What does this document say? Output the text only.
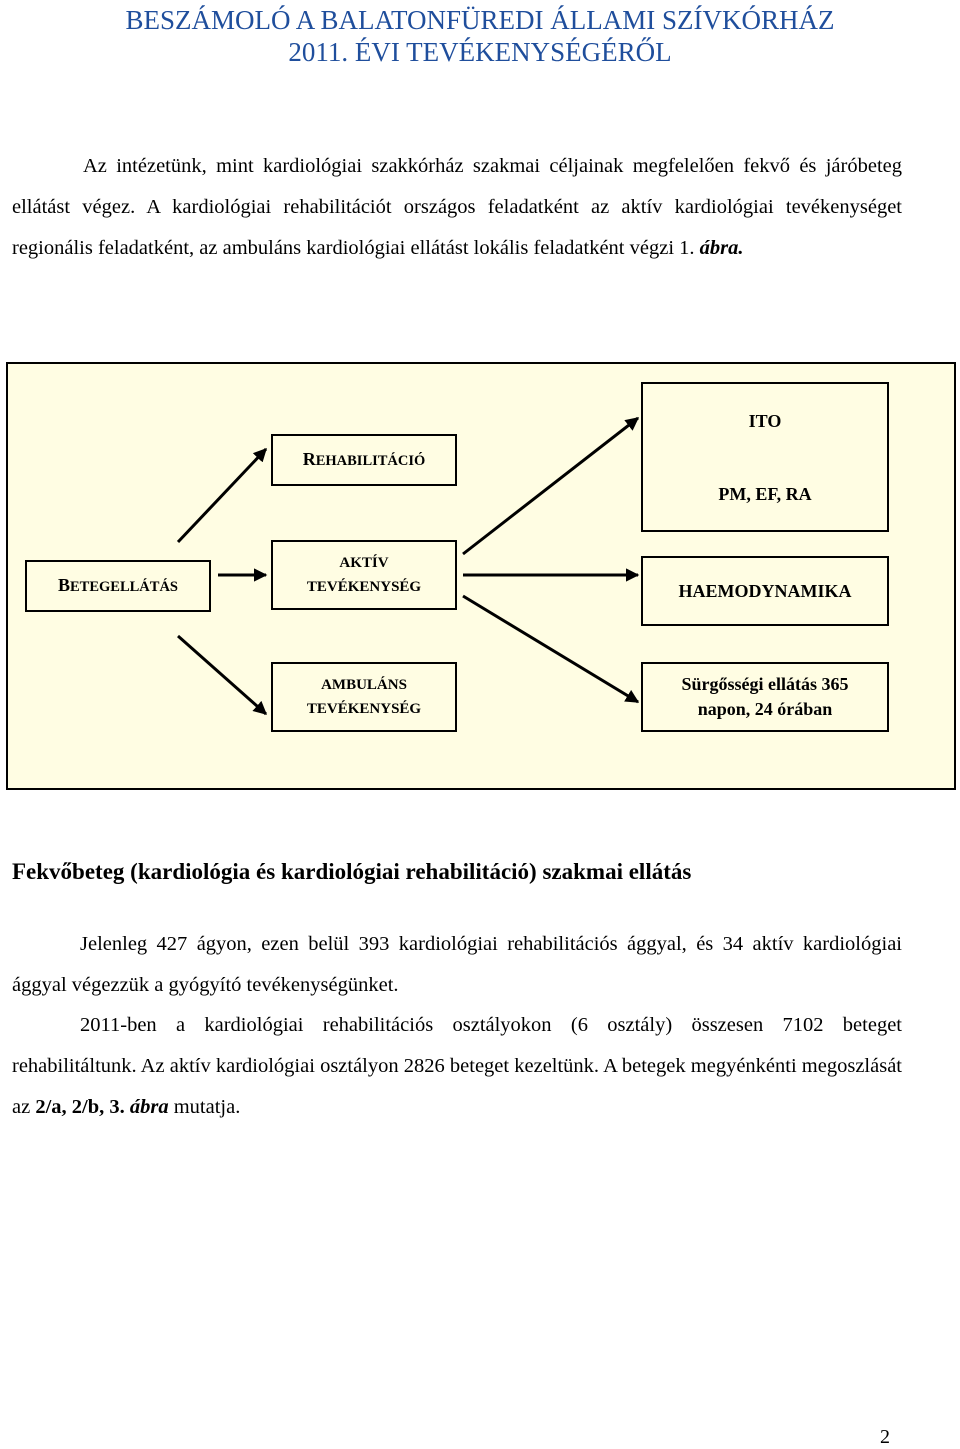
BESZÁMOLÓ A BALATONFÜREDI ÁLLAMI SZÍVKÓRHÁZ
2011. ÉVI TEVÉKENYSÉGÉRŐL

Az intézetünk, mint kardiológiai szakkórház szakmai céljainak megfelelően fekvő és járóbeteg ellátást végez. A kardiológiai rehabilitációt országos feladatként az aktív kardiológiai tevékenységet regionális feladatként, az ambuláns kardiológiai ellátást lokális feladatként végzi 1. ábra.

BETEGELLÁTÁS
REHABILITÁCIÓ
AKTÍV
TEVÉKENYSÉG
AMBULÁNS
TEVÉKENYSÉG
ITO
PM, EF, RA
HAEMODYNAMIKA
Sürgősségi ellátás 365
napon, 24 órában
Fekvőbeteg (kardiológia és kardiológiai rehabilitáció) szakmai ellátás

Jelenleg 427 ágyon, ezen belül 393 kardiológiai rehabilitációs ággyal, és 34 aktív kardiológiai ággyal végezzük a gyógyító tevékenységünket.

2011-ben a kardiológiai rehabilitációs osztályokon (6 osztály) összesen 7102 beteget rehabilitáltunk. Az aktív kardiológiai osztályon 2826 beteget kezeltünk. A betegek megyénkénti megoszlását az 2/a, 2/b, 3. ábra mutatja.

2
